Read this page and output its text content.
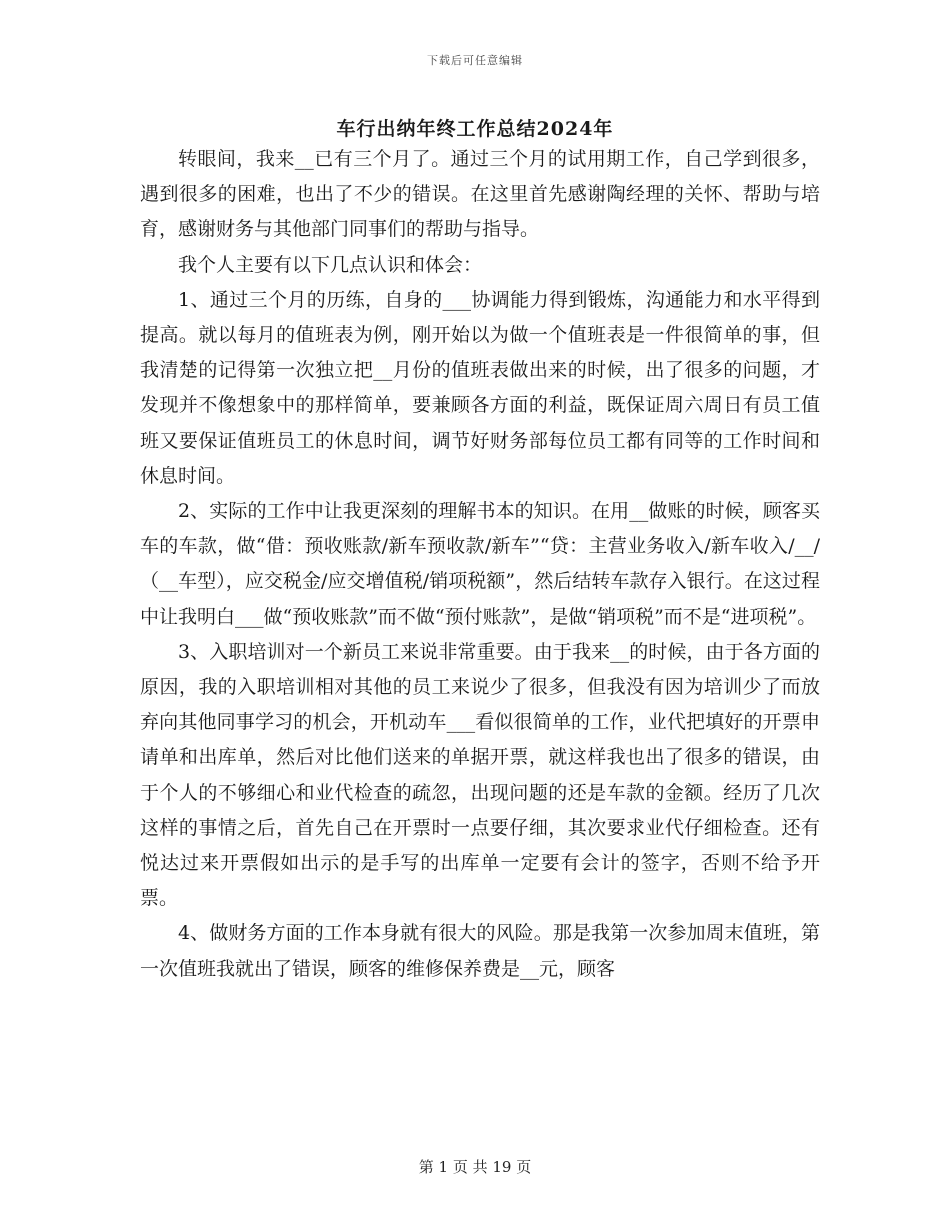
下载后可任意编辑
车行出纳年终工作总结2024年

转眼间，我来__已有三个月了。通过三个月的试用期工作，自己学到很多，遇到很多的困难，也出了不少的错误。在这里首先感谢陶经理的关怀、帮助与培育，感谢财务与其他部门同事们的帮助与指导。

我个人主要有以下几点认识和体会：

1、通过三个月的历练，自身的___协调能力得到锻炼，沟通能力和水平得到提高。就以每月的值班表为例，刚开始以为做一个值班表是一件很简单的事，但我清楚的记得第一次独立把__月份的值班表做出来的时候，出了很多的问题，才发现并不像想象中的那样简单，要兼顾各方面的利益，既保证周六周日有员工值班又要保证值班员工的休息时间，调节好财务部每位员工都有同等的工作时间和休息时间。

2、实际的工作中让我更深刻的理解书本的知识。在用__做账的时候，顾客买车的车款，做“借：预收账款/新车预收款/新车”“贷：主营业务收入/新车收入/__/（__车型），应交税金/应交增值税/销项税额”，然后结转车款存入银行。在这过程中让我明白___做“预收账款”而不做“预付账款”，是做“销项税”而不是“进项税”。

3、入职培训对一个新员工来说非常重要。由于我来__的时候，由于各方面的原因，我的入职培训相对其他的员工来说少了很多，但我没有因为培训少了而放弃向其他同事学习的机会，开机动车___看似很简单的工作，业代把填好的开票申请单和出库单，然后对比他们送来的单据开票，就这样我也出了很多的错误，由于个人的不够细心和业代检查的疏忽，出现问题的还是车款的金额。经历了几次这样的事情之后，首先自己在开票时一点要仔细，其次要求业代仔细检查。还有悦达过来开票假如出示的是手写的出库单一定要有会计的签字，否则不给予开票。

4、做财务方面的工作本身就有很大的风险。那是我第一次参加周末值班，第一次值班我就出了错误，顾客的维修保养费是__元，顾客

第 1 页 共 19 页
